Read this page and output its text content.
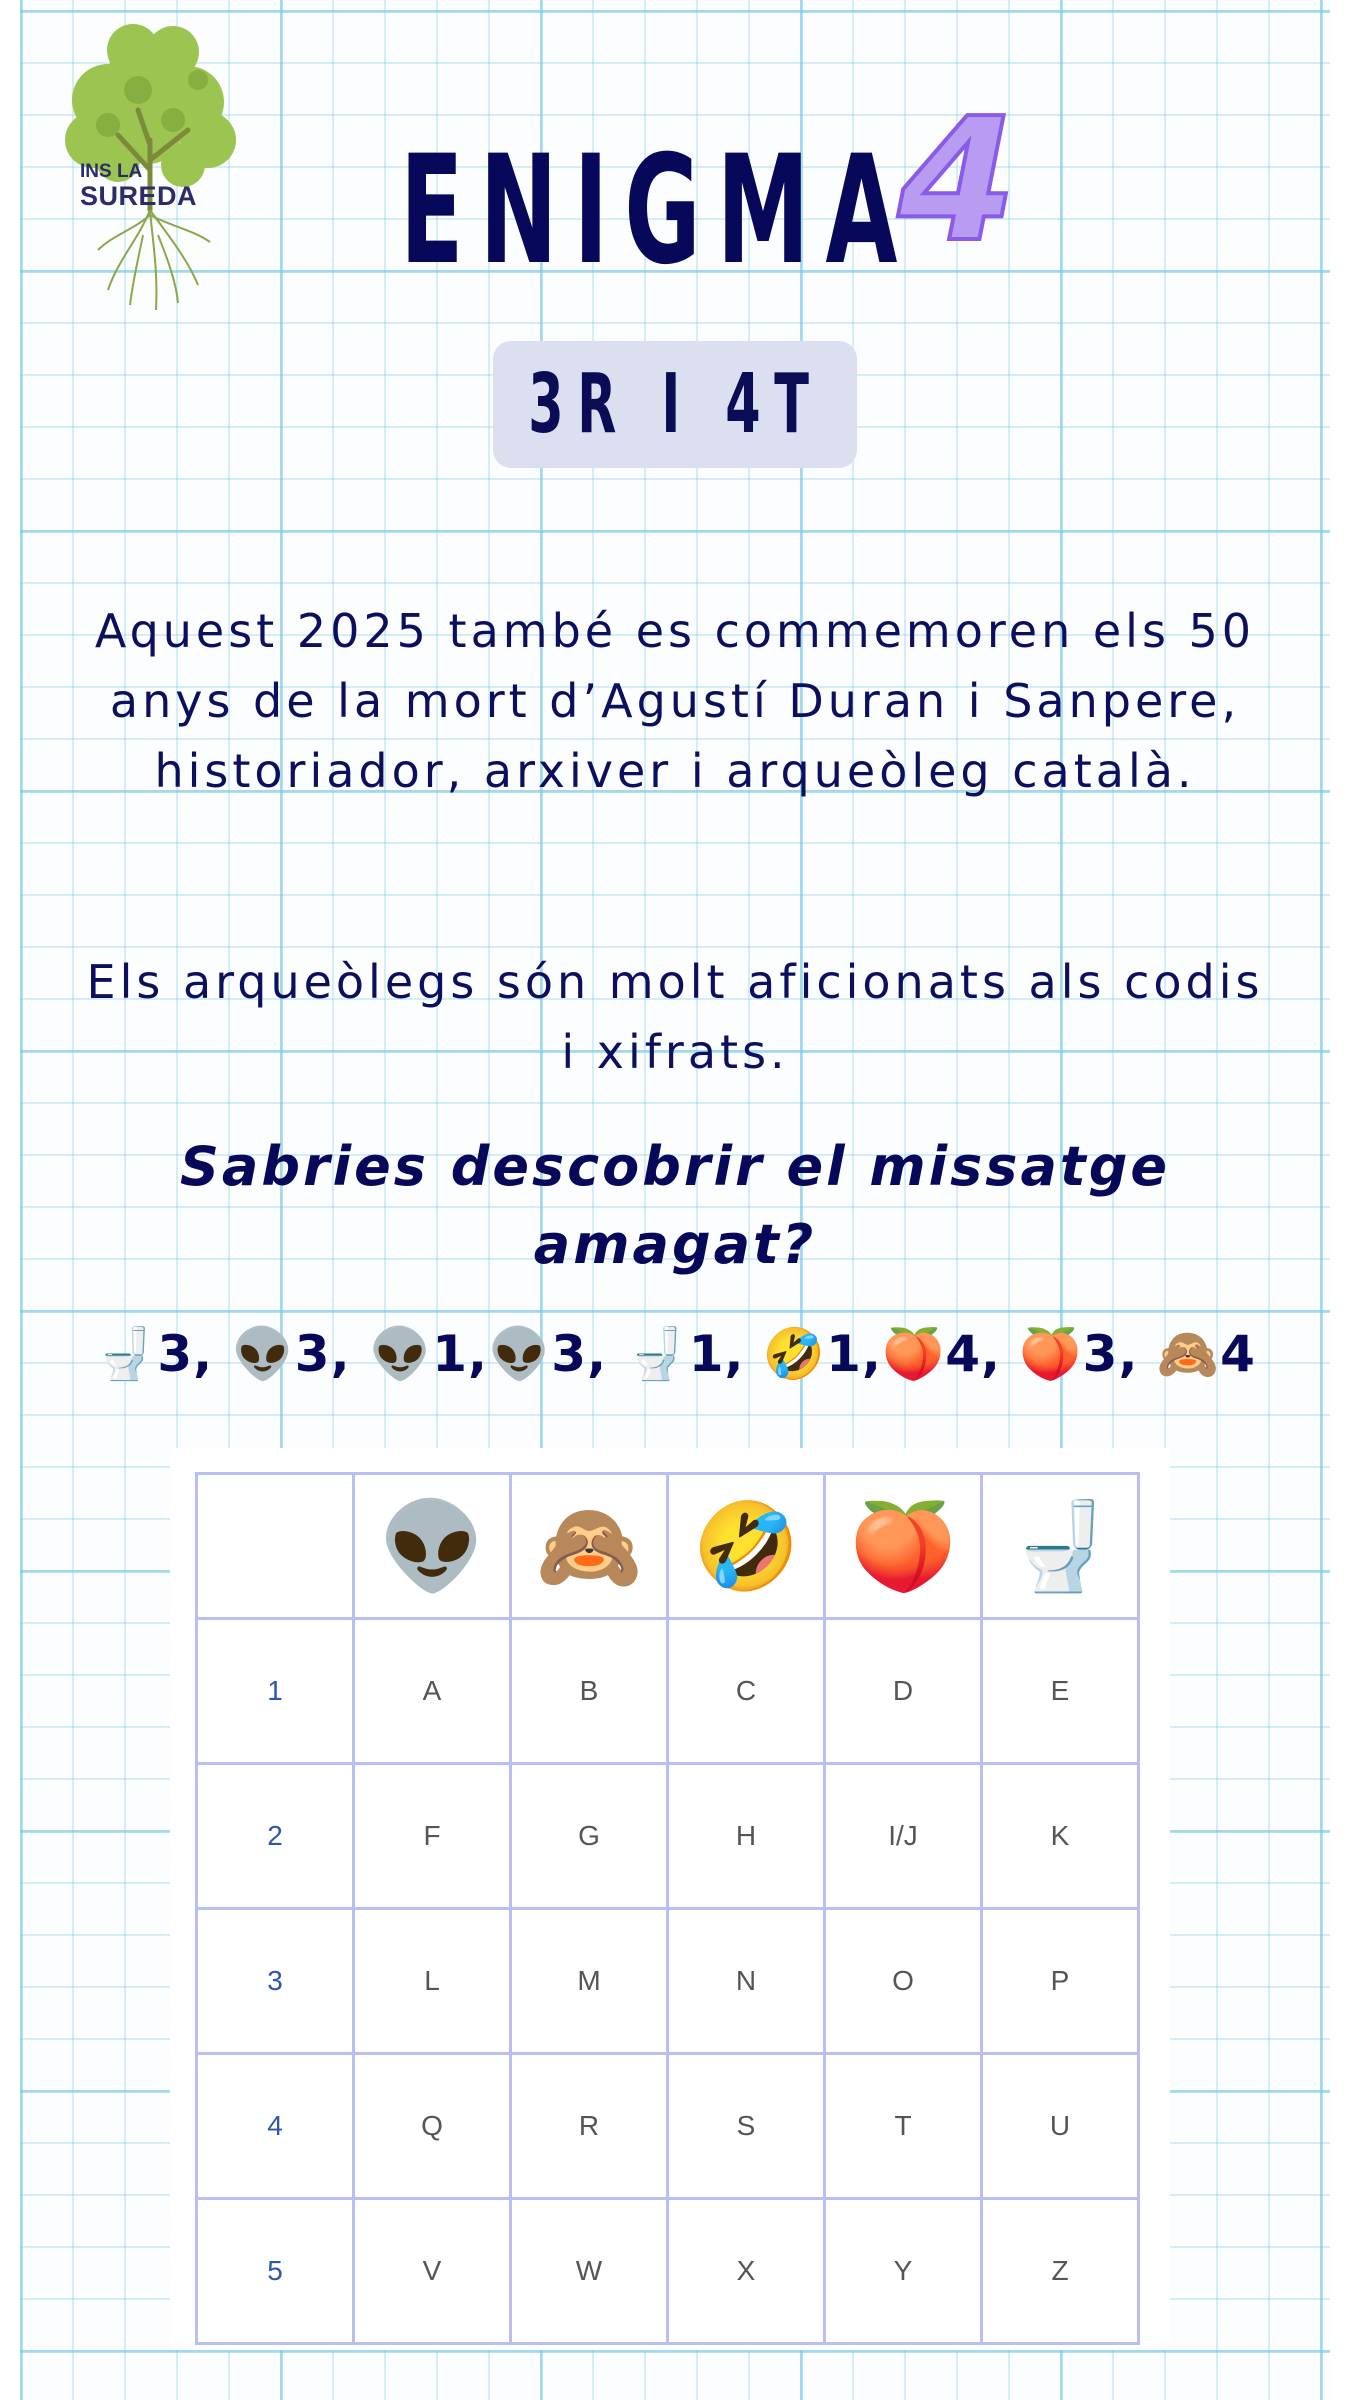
INS LA
SUREDA ENIGMA
4
3R I 4T
Aquest 2025 també es commemoren els 50 anys de la mort d’Agustí Duran i Sanpere, historiador, arxiver i arqueòleg català.
Els arqueòlegs són molt aficionats als codis i xifrats.
Sabries descobrir el missatge amagat?
🚽3, 👽3, 👽1,👽3, 🚽1, 🤣1,🍑4, 🍑3, 🙈4
	👽	🙈	🤣	🍑	🚽
1	A	B	C	D	E
2	F	G	H	I/J	K
3	L	M	N	O	P
4	Q	R	S	T	U
5	V	W	X	Y	Z
